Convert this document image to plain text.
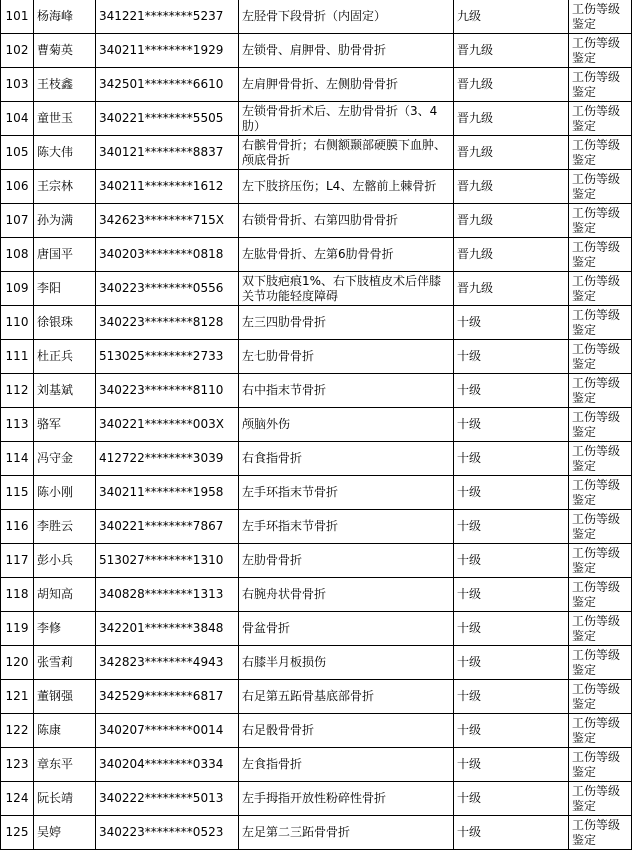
101	杨海峰	341221********5237	左胫骨下段骨折（内固定）	九级	工伤等级鉴定
102	曹菊英	340211********1929	左锁骨、肩胛骨、肋骨骨折	晋九级	工伤等级鉴定
103	王枝鑫	342501********6610	左肩胛骨骨折、左侧肋骨骨折	晋九级	工伤等级鉴定
104	童世玉	340221********5505	左锁骨骨折术后、左肋骨骨折（3、4肋）	晋九级	工伤等级鉴定
105	陈大伟	340121********8837	右髌骨骨折；右侧额颞部硬膜下血肿、颅底骨折	晋九级	工伤等级鉴定
106	王宗林	340211********1612	左下肢挤压伤；L4、左髂前上棘骨折	晋九级	工伤等级鉴定
107	孙为满	342623********715X	右锁骨骨折、右第四肋骨骨折	晋九级	工伤等级鉴定
108	唐国平	340203********0818	左肱骨骨折、左第6肋骨骨折	晋九级	工伤等级鉴定
109	李阳	340223********0556	双下肢疤痕1%、右下肢植皮术后伴膝关节功能轻度障碍	晋九级	工伤等级鉴定
110	徐银珠	340223********8128	左三四肋骨骨折	十级	工伤等级鉴定
111	杜正兵	513025********2733	左七肋骨骨折	十级	工伤等级鉴定
112	刘基斌	340223********8110	右中指末节骨折	十级	工伤等级鉴定
113	骆军	340221********003X	颅脑外伤	十级	工伤等级鉴定
114	冯守金	412722********3039	右食指骨折	十级	工伤等级鉴定
115	陈小刚	340211********1958	左手环指末节骨折	十级	工伤等级鉴定
116	李胜云	340221********7867	左手环指末节骨折	十级	工伤等级鉴定
117	彭小兵	513027********1310	左肋骨骨折	十级	工伤等级鉴定
118	胡知高	340828********1313	右腕舟状骨骨折	十级	工伤等级鉴定
119	李修	342201********3848	骨盆骨折	十级	工伤等级鉴定
120	张雪莉	342823********4943	右膝半月板损伤	十级	工伤等级鉴定
121	董钢强	342529********6817	右足第五跖骨基底部骨折	十级	工伤等级鉴定
122	陈康	340207********0014	右足骰骨骨折	十级	工伤等级鉴定
123	章东平	340204********0334	左食指骨折	十级	工伤等级鉴定
124	阮长靖	340222********5013	左手拇指开放性粉碎性骨折	十级	工伤等级鉴定
125	吴婷	340223********0523	左足第二三跖骨骨折	十级	工伤等级鉴定
